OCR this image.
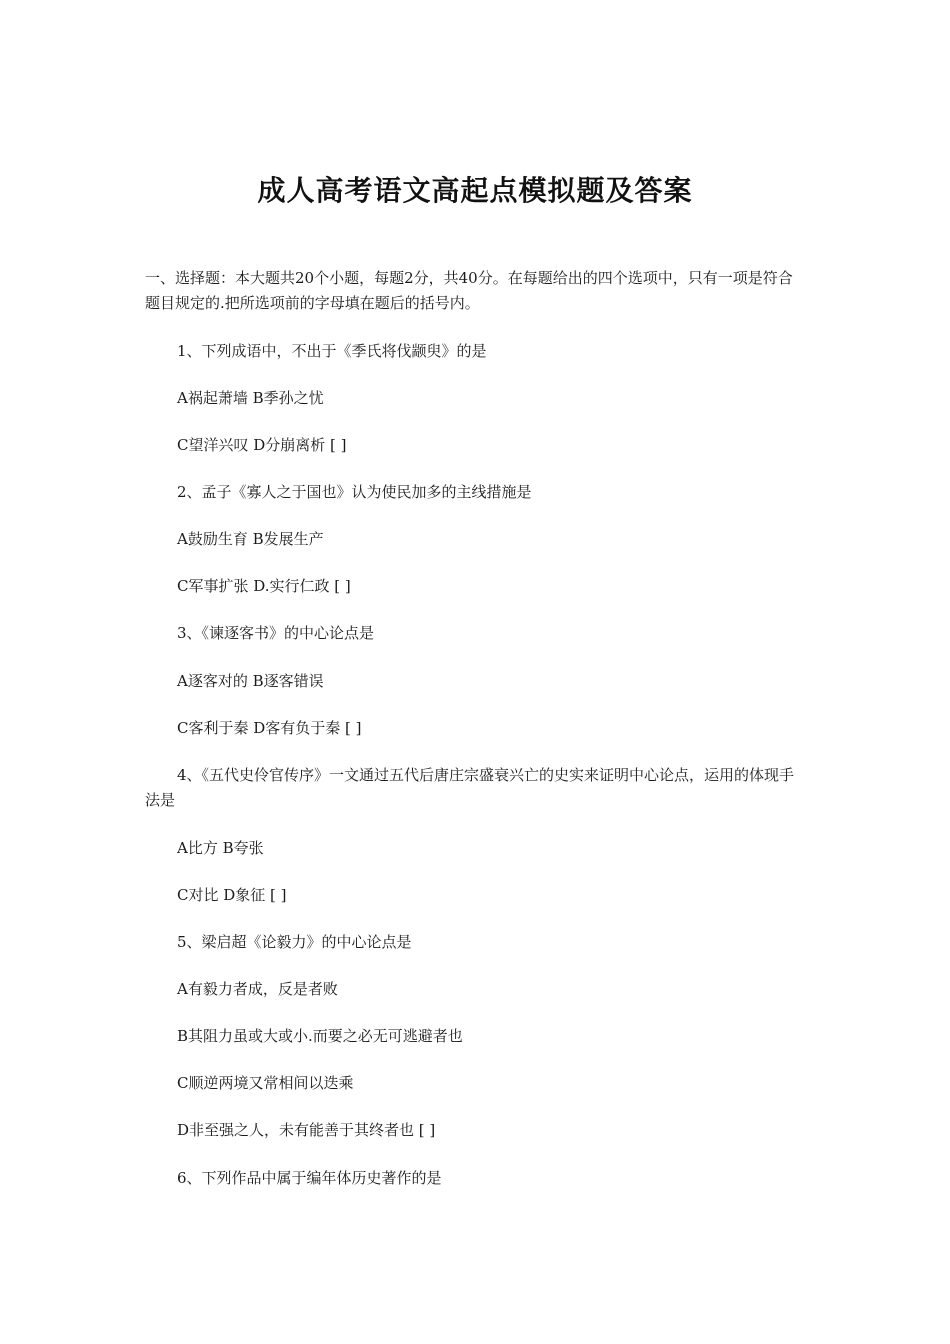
成人高考语文高起点模拟题及答案

一、选择题：本大题共20个小题，每题2分，共40分。在每题给出的四个选项中，只有一项是符合题目规定的.把所选项前的字母填在题后的括号内。

1、下列成语中，不出于《季氏将伐颛臾》的是

A祸起萧墙 B季孙之忧

C望洋兴叹 D分崩离析 [ ]

2、孟子《寡人之于国也》认为使民加多的主线措施是

A鼓励生育 B发展生产

C军事扩张 D.实行仁政 [ ]

3、《谏逐客书》的中心论点是

A逐客对的 B逐客错误

C客利于秦 D客有负于秦 [ ]

4、《五代史伶官传序》一文通过五代后唐庄宗盛衰兴亡的史实来证明中心论点，运用的体现手法是

A比方 B夸张

C对比 D象征 [ ]

5、梁启超《论毅力》的中心论点是

A有毅力者成，反是者败

B其阻力虽或大或小.而要之必无可逃避者也

C顺逆两境又常相间以迭乘

D非至强之人，未有能善于其终者也 [ ]

6、下列作品中属于编年体历史著作的是
